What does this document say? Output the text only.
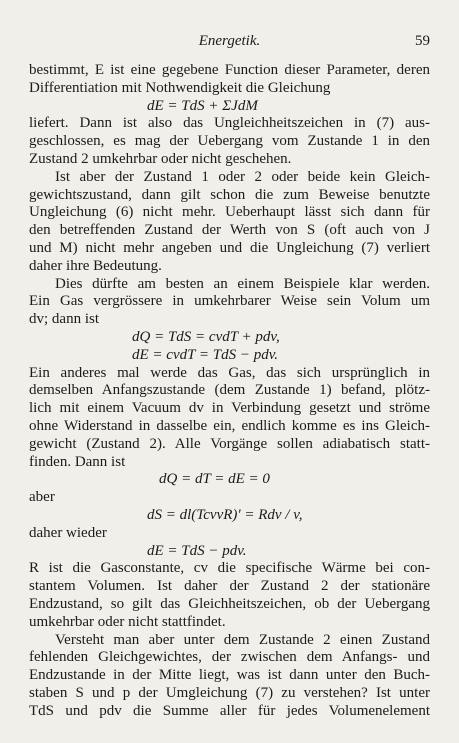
Energetik.	59
bestimmt, E ist eine gegebene Function dieser Parameter, deren
Differentiation mit Nothwendigkeit die Gleichung
dE = TdS + ΣJdM
liefert. Dann ist also das Ungleichheitszeichen in (7) aus-
geschlossen, es mag der Uebergang vom Zustande 1 in den
Zustand 2 umkehrbar oder nicht geschehen.
Ist aber der Zustand 1 oder 2 oder beide kein Gleich-
gewichtszustand, dann gilt schon die zum Beweise benutzte
Ungleichung (6) nicht mehr. Ueberhaupt lässt sich dann für
den betreffenden Zustand der Werth von S (oft auch von J
und M) nicht mehr angeben und die Ungleichung (7) verliert
daher ihre Bedeutung.
Dies dürfte am besten an einem Beispiele klar werden.
Ein Gas vergrössere in umkehrbarer Weise sein Volum um
dv; dann ist
dQ = TdS = cvdT + pdv,
dE = cvdT = TdS − pdv.
Ein anderes mal werde das Gas, das sich ursprünglich in
demselben Anfangszustande (dem Zustande 1) befand, plötz-
lich mit einem Vacuum dv in Verbindung gesetzt und ströme
ohne Widerstand in dasselbe ein, endlich komme es ins Gleich-
gewicht (Zustand 2). Alle Vorgänge sollen adiabatisch statt-
finden. Dann ist
dQ = dT = dE = 0
aber
dS = dl(TcvvR)' = Rdv / v,
daher wieder
dE = TdS − pdv.
R ist die Gasconstante, cv die specifische Wärme bei con-
stantem Volumen. Ist daher der Zustand 2 der stationäre
Endzustand, so gilt das Gleichheitszeichen, ob der Uebergang
umkehrbar oder nicht stattfindet.
Versteht man aber unter dem Zustande 2 einen Zustand
fehlenden Gleichgewichtes, der zwischen dem Anfangs- und
Endzustande in der Mitte liegt, was ist dann unter den Buch-
staben S und p der Umgleichung (7) zu verstehen? Ist unter
TdS und pdv die Summe aller für jedes Volumenelement
